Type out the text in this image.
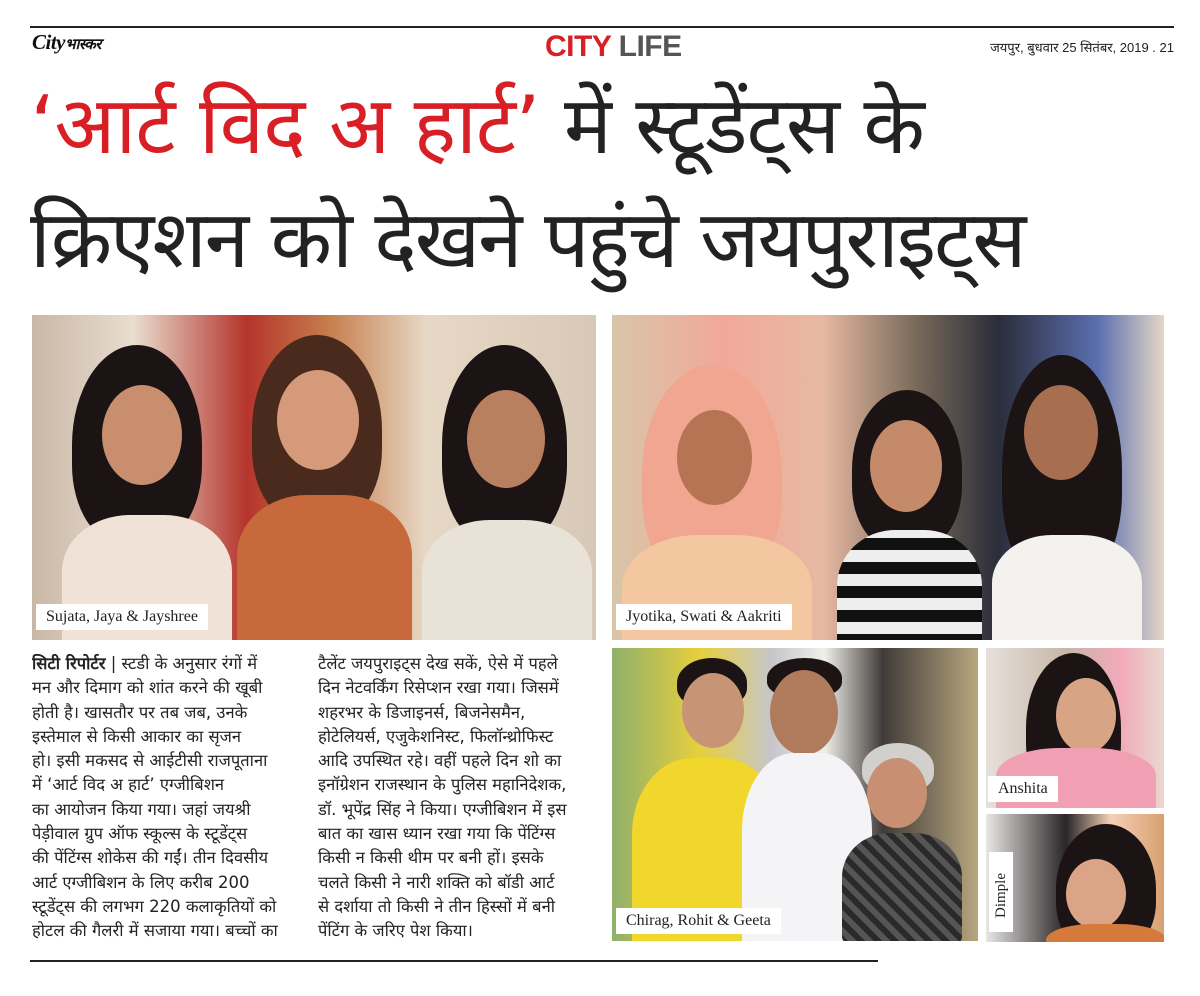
Cityभास्कर	CITY LIFE	जयपुर, बुधवार 25 सितंबर, 2019 . 21
‘आर्ट विद अ हार्ट’ में स्टूडेंट्स के
क्रिएशन को देखने पहुंचे जयपुराइट्स
Sujata, Jaya & Jayshree	Jyotika, Swati & Aakriti
Chirag, Rohit & Geeta
Anshita
Dimple
सिटी रिपोर्टर | स्टडी के अनुसार रंगों में
मन और दिमाग को शांत करने की खूबी
होती है। खासतौर पर तब जब, उनके
इस्तेमाल से किसी आकार का सृजन
हो। इसी मकसद से आईटीसी राजपूताना
में ‘आर्ट विद अ हार्ट’ एग्जीबिशन
का आयोजन किया गया। जहां जयश्री
पेड़ीवाल ग्रुप ऑफ स्कूल्स के स्टूडेंट्स
की पेंटिंग्स शोकेस की गईं। तीन दिवसीय
आर्ट एग्जीबिशन के लिए करीब 200
स्टूडेंट्स की लगभग 220 कलाकृतियों को
होटल की गैलरी में सजाया गया। बच्चों का
टैलेंट जयपुराइट्स देख सकें, ऐसे में पहले
दिन नेटवर्किंग रिसेप्शन रखा गया। जिसमें
शहरभर के डिजाइनर्स, बिजनेसमैन,
होटेलियर्स, एजुकेशनिस्ट, फिलॉन्थ्रोफिस्ट
आदि उपस्थित रहे। वहीं पहले दिन शो का
इनॉग्रेशन राजस्थान के पुलिस महानिदेशक,
डॉ. भूपेंद्र सिंह ने किया। एग्जीबिशन में इस
बात का खास ध्यान रखा गया कि पेंटिंग्स
किसी न किसी थीम पर बनी हों। इसके
चलते किसी ने नारी शक्ति को बॉडी आर्ट
से दर्शाया तो किसी ने तीन हिस्सों में बनी
पेंटिंग के जरिए पेश किया।
